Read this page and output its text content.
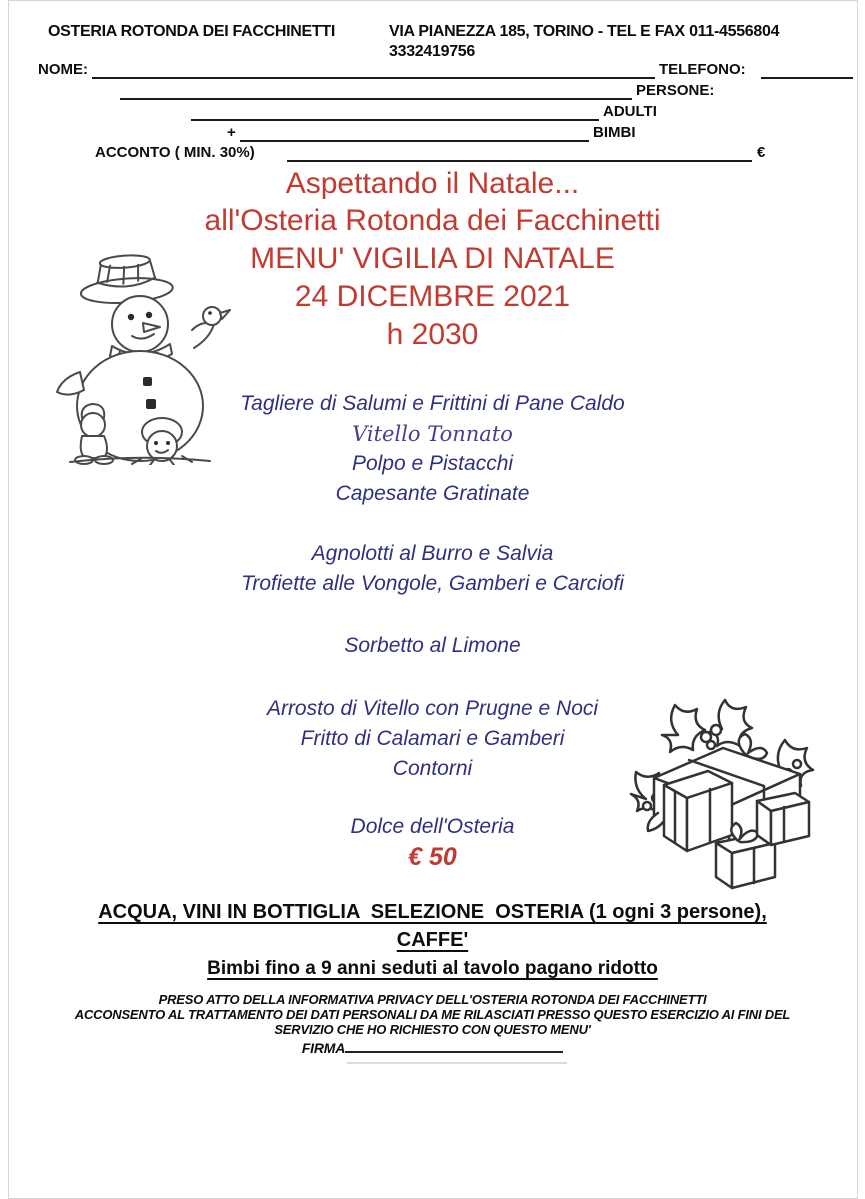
OSTERIA ROTONDA DEI FACCHINETTI	VIA PIANEZZA 185, TORINO - TEL E FAX 011-4556804
3332419756
NOME:	TELEFONO:
PERSONE:
ADULTI
+	BIMBI
ACCONTO ( MIN. 30%)	€
Aspettando il Natale...
all'Osteria Rotonda dei Facchinetti
MENU' VIGILIA DI NATALE
24 DICEMBRE 2021
h 2030
Tagliere di Salumi e Frittini di Pane Caldo
Vitello Tonnato
Polpo e Pistacchi
Capesante Gratinate
Agnolotti al Burro e Salvia
Trofiette alle Vongole, Gamberi e Carciofi
Sorbetto al Limone
Arrosto di Vitello con Prugne e Noci
Fritto di Calamari e Gamberi
Contorni
Dolce dell'Osteria
€ 50
ACQUA, VINI IN BOTTIGLIA  SELEZIONE  OSTERIA (1 ogni 3 persone),
CAFFE'
Bimbi fino a 9 anni seduti al tavolo pagano ridotto
PRESO ATTO DELLA INFORMATIVA PRIVACY DELL'OSTERIA ROTONDA DEI FACCHINETTI
ACCONSENTO AL TRATTAMENTO DEI DATI PERSONALI DA ME RILASCIATI PRESSO QUESTO ESERCIZIO AI FINI DEL
SERVIZIO CHE HO RICHIESTO CON QUESTO MENU'
FIRMA
